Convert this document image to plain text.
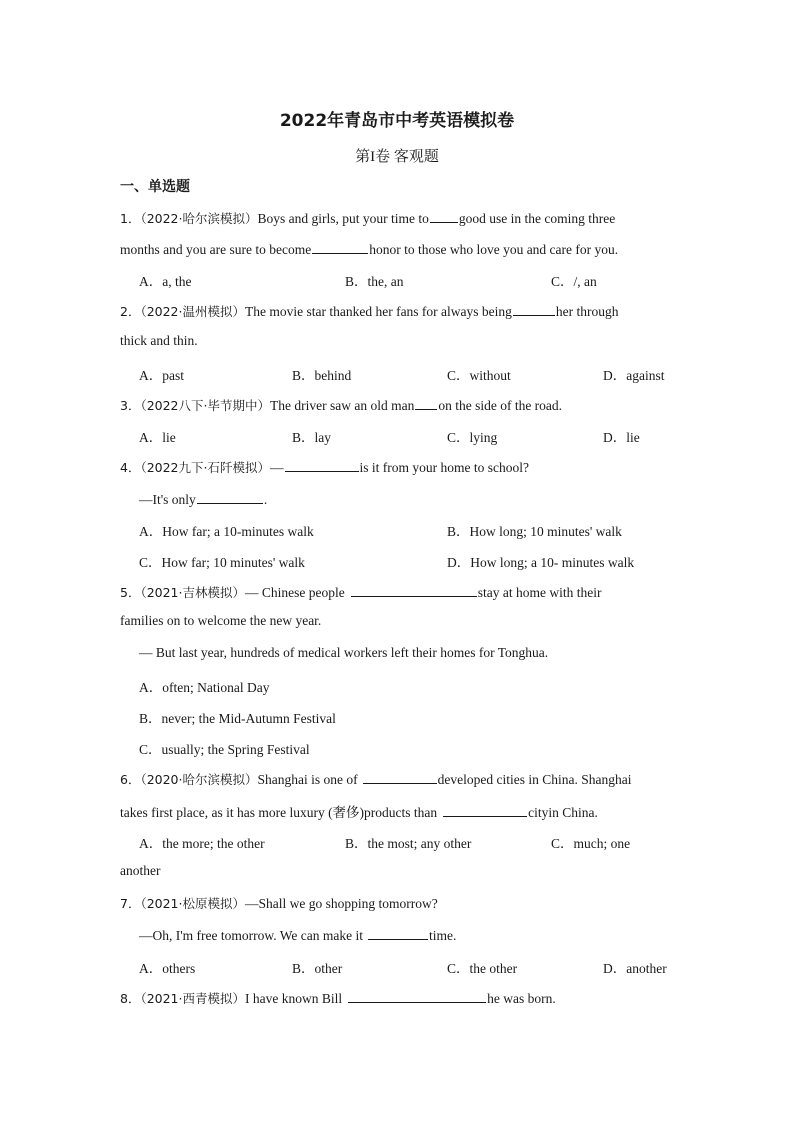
2022年青岛市中考英语模拟卷
第I卷 客观题
一、单选题
1．（2022·哈尔滨模拟）Boys and girls, put your time to good use in the coming three
months and you are sure to become	honor to those who love you and care for you.
A．a, the	B．the, an	C．/, an
2．（2022·温州模拟）The movie star thanked her fans for always being	her through
thick and thin.
A．past	B．behind	C．without	D．against
3．（2022八下·毕节期中）The driver saw an old man on the side of the road.
A．lie	B．lay	C．lying	D．lie
4．（2022九下·石阡模拟）—	is it from your home to school?
—It's only	.
A．How far; a 10-minutes walk	B．How long; 10 minutes' walk
C．How far; 10 minutes' walk	D．How long; a 10- minutes walk
5．（2021·吉林模拟）— Chinese people	stay at home with their
families on to welcome the new year.
— But last year, hundreds of medical workers left their homes for Tonghua.
A．often; National Day
B．never; the Mid-Autumn Festival
C．usually; the Spring Festival
6．（2020·哈尔滨模拟）Shanghai is one of	developed cities in China. Shanghai
takes first place, as it has more luxury (奢侈)products than	cityin China.
A．the more; the other	B．the most; any other	C．much; one
another
7．（2021·松原模拟）—Shall we go shopping tomorrow?
—Oh, I'm free tomorrow. We can make it	time.
A．others	B．other	C．the other	D．another
8．（2021·西青模拟）I have known Bill	he was born.
